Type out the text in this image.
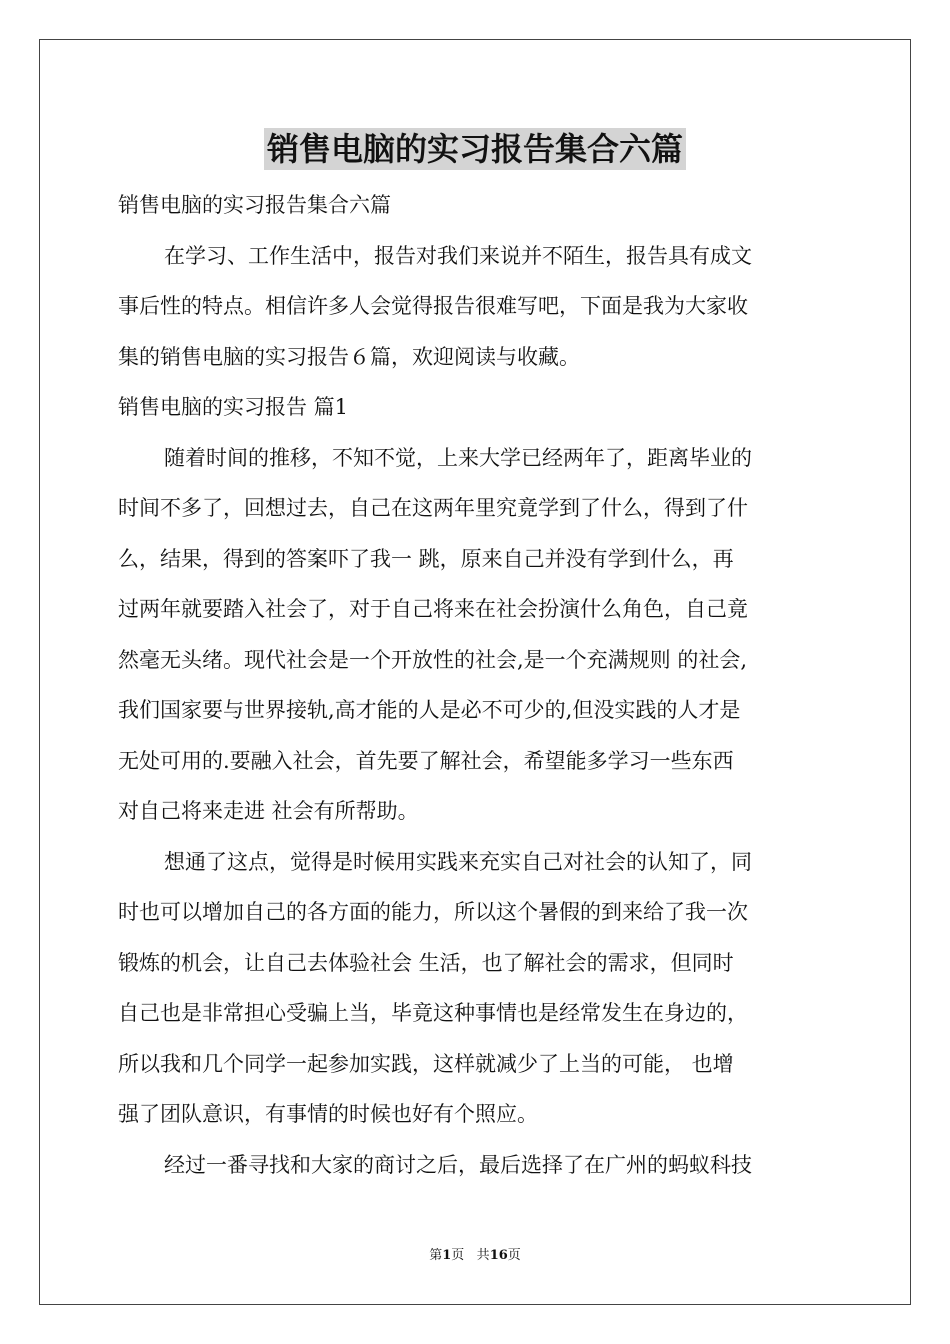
销售电脑的实习报告集合六篇
销售电脑的实习报告集合六篇
在学习、工作生活中，报告对我们来说并不陌生，报告具有成文
事后性的特点。相信许多人会觉得报告很难写吧，下面是我为大家收
集的销售电脑的实习报告６篇，欢迎阅读与收藏。
销售电脑的实习报告 篇1
随着时间的推移，不知不觉，上来大学已经两年了，距离毕业的
时间不多了，回想过去，自己在这两年里究竟学到了什么，得到了什
么，结果，得到的答案吓了我一 跳，原来自己并没有学到什么，再
过两年就要踏入社会了，对于自己将来在社会扮演什么角色，自己竟
然毫无头绪。现代社会是一个开放性的社会,是一个充满规则 的社会,
我们国家要与世界接轨,高才能的人是必不可少的,但没实践的人才是
无处可用的.要融入社会，首先要了解社会，希望能多学习一些东西
对自己将来走进 社会有所帮助。
想通了这点，觉得是时候用实践来充实自己对社会的认知了，同
时也可以增加自己的各方面的能力，所以这个暑假的到来给了我一次
锻炼的机会，让自己去体验社会 生活，也了解社会的需求，但同时
自己也是非常担心受骗上当，毕竟这种事情也是经常发生在身边的，
所以我和几个同学一起参加实践，这样就减少了上当的可能， 也增
强了团队意识，有事情的时候也好有个照应。
经过一番寻找和大家的商讨之后，最后选择了在广州的蚂蚁科技
第1页 共16页
